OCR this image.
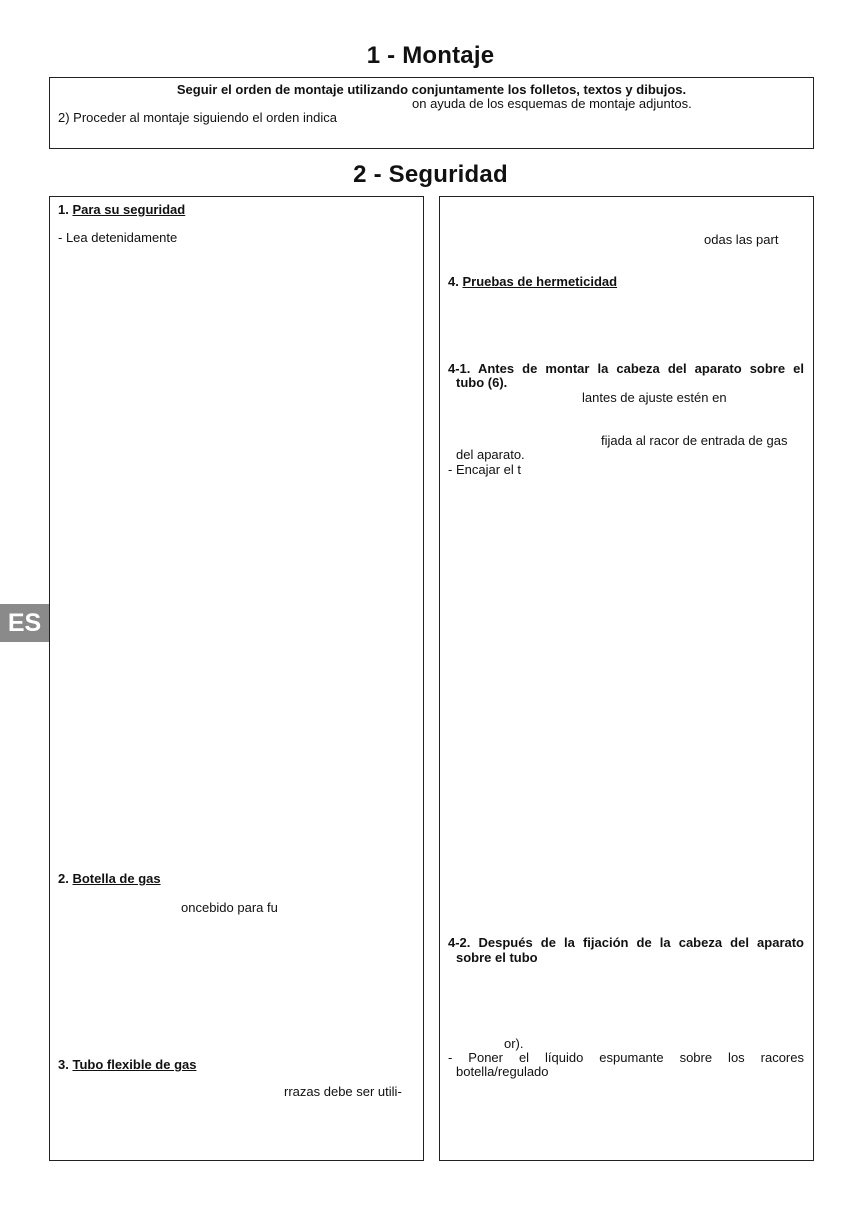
1 - Montaje
Seguir el orden de montaje utilizando conjuntamente los folletos, textos y dibujos.
on ayuda de los esquemas de montaje adjuntos.
2) Proceder al montaje siguiendo el orden indica
2 - Seguridad
1. Para su seguridad
- Lea detenidamente
2. Botella de gas
oncebido para fu
3. Tubo flexible de gas
rrazas debe ser utili-
odas las part
4. Pruebas de hermeticidad
4-1. Antes de montar la cabeza del aparato sobre el
tubo (6).
lantes de ajuste estén en
fijada al racor de entrada de gas
del aparato.
- Encajar el t
4-2. Después de la fijación de la cabeza del aparato
sobre el tubo
or).
- Poner el líquido espumante sobre los racores
botella/regulado
ES
